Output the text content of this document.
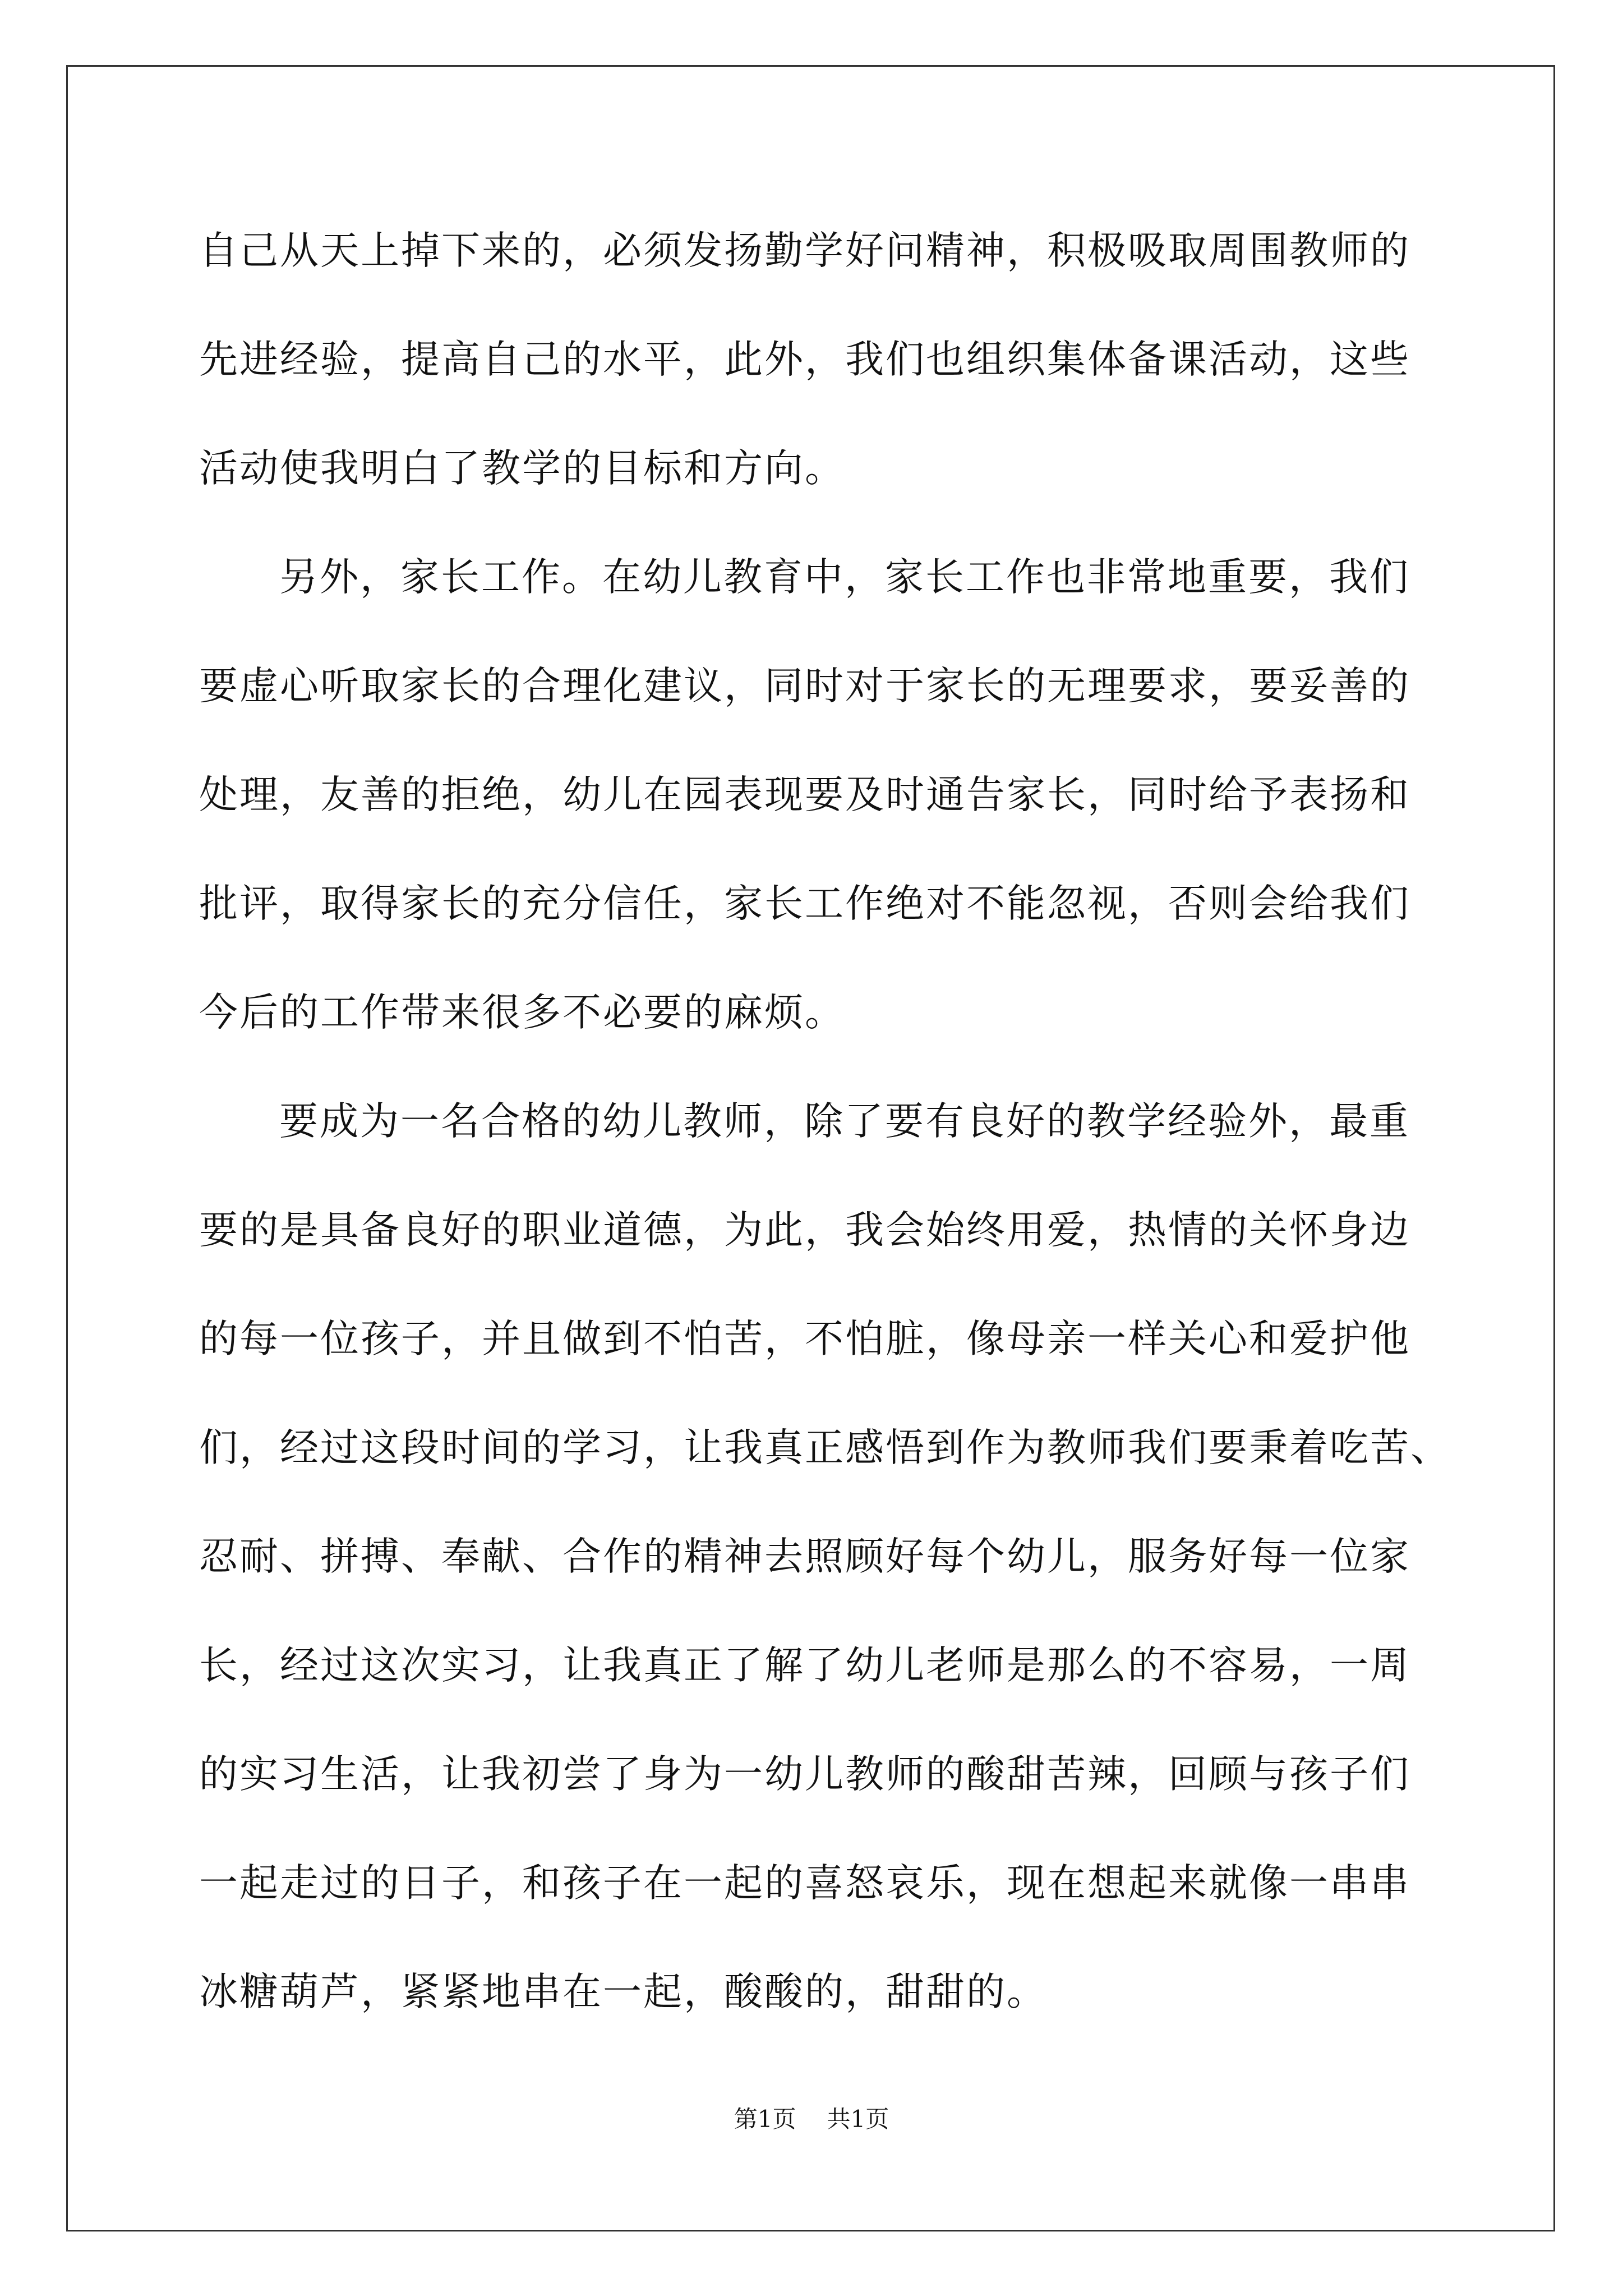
自己从天上掉下来的，必须发扬勤学好问精神，积极吸取周围教师的
先进经验，提高自己的水平，此外，我们也组织集体备课活动，这些
活动使我明白了教学的目标和方向。
另外，家长工作。在幼儿教育中，家长工作也非常地重要，我们
要虚心听取家长的合理化建议，同时对于家长的无理要求，要妥善的
处理，友善的拒绝，幼儿在园表现要及时通告家长，同时给予表扬和
批评，取得家长的充分信任，家长工作绝对不能忽视，否则会给我们
今后的工作带来很多不必要的麻烦。
要成为一名合格的幼儿教师，除了要有良好的教学经验外，最重
要的是具备良好的职业道德，为此，我会始终用爱，热情的关怀身边
的每一位孩子，并且做到不怕苦，不怕脏，像母亲一样关心和爱护他
们，经过这段时间的学习，让我真正感悟到作为教师我们要秉着吃苦、
忍耐、拼搏、奉献、合作的精神去照顾好每个幼儿，服务好每一位家
长，经过这次实习，让我真正了解了幼儿老师是那么的不容易，一周
的实习生活，让我初尝了身为一幼儿教师的酸甜苦辣，回顾与孩子们
一起走过的日子，和孩子在一起的喜怒哀乐，现在想起来就像一串串
冰糖葫芦，紧紧地串在一起，酸酸的，甜甜的。
第1页 共1页
